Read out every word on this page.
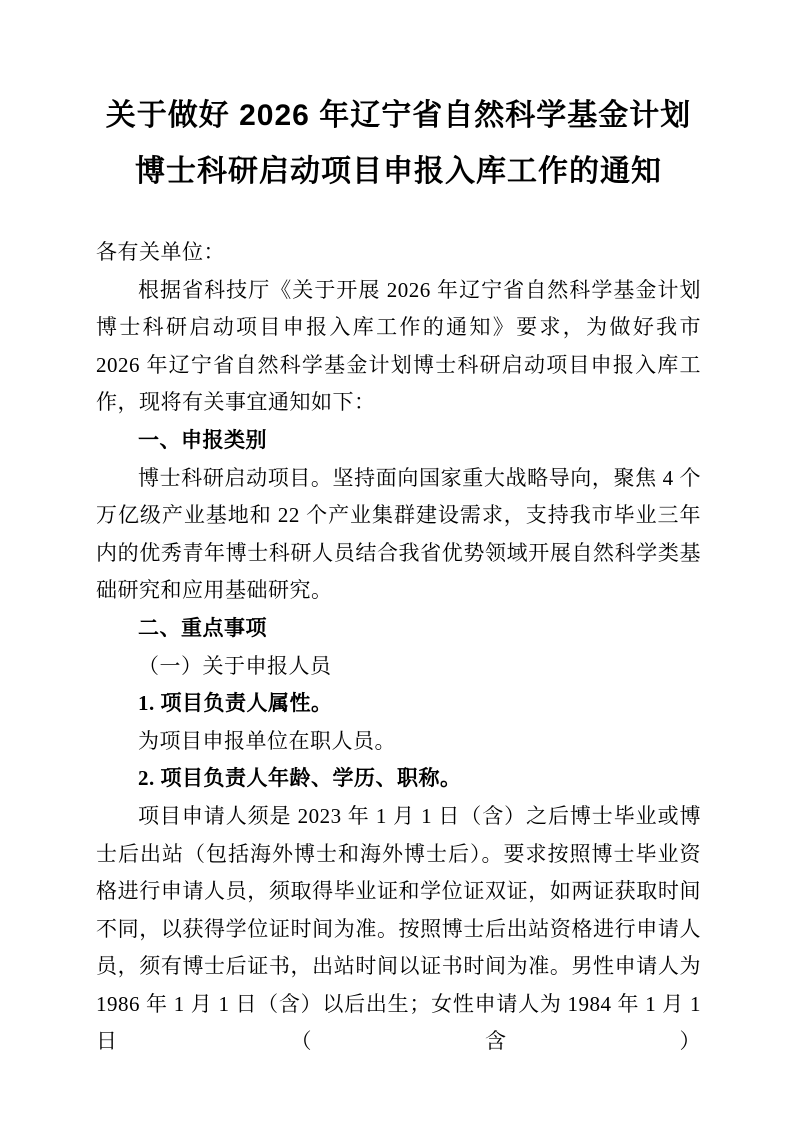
关于做好 2026 年辽宁省自然科学基金计划
博士科研启动项目申报入库工作的通知

各有关单位：

根据省科技厅《关于开展 2026 年辽宁省自然科学基金计划博士科研启动项目申报入库工作的通知》要求，为做好我市 2026 年辽宁省自然科学基金计划博士科研启动项目申报入库工作，现将有关事宜通知如下：

一、申报类别

博士科研启动项目。坚持面向国家重大战略导向，聚焦 4 个万亿级产业基地和 22 个产业集群建设需求，支持我市毕业三年内的优秀青年博士科研人员结合我省优势领域开展自然科学类基础研究和应用基础研究。

二、重点事项

（一）关于申报人员

1. 项目负责人属性。

为项目申报单位在职人员。

2. 项目负责人年龄、学历、职称。

项目申请人须是 2023 年 1 月 1 日（含）之后博士毕业或博士后出站（包括海外博士和海外博士后）。要求按照博士毕业资格进行申请人员，须取得毕业证和学位证双证，如两证获取时间不同，以获得学位证时间为准。按照博士后出站资格进行申请人员，须有博士后证书，出站时间以证书时间为准。男性申请人为 1986 年 1 月 1 日（含）以后出生；女性申请人为 1984 年 1 月 1 日（含）
